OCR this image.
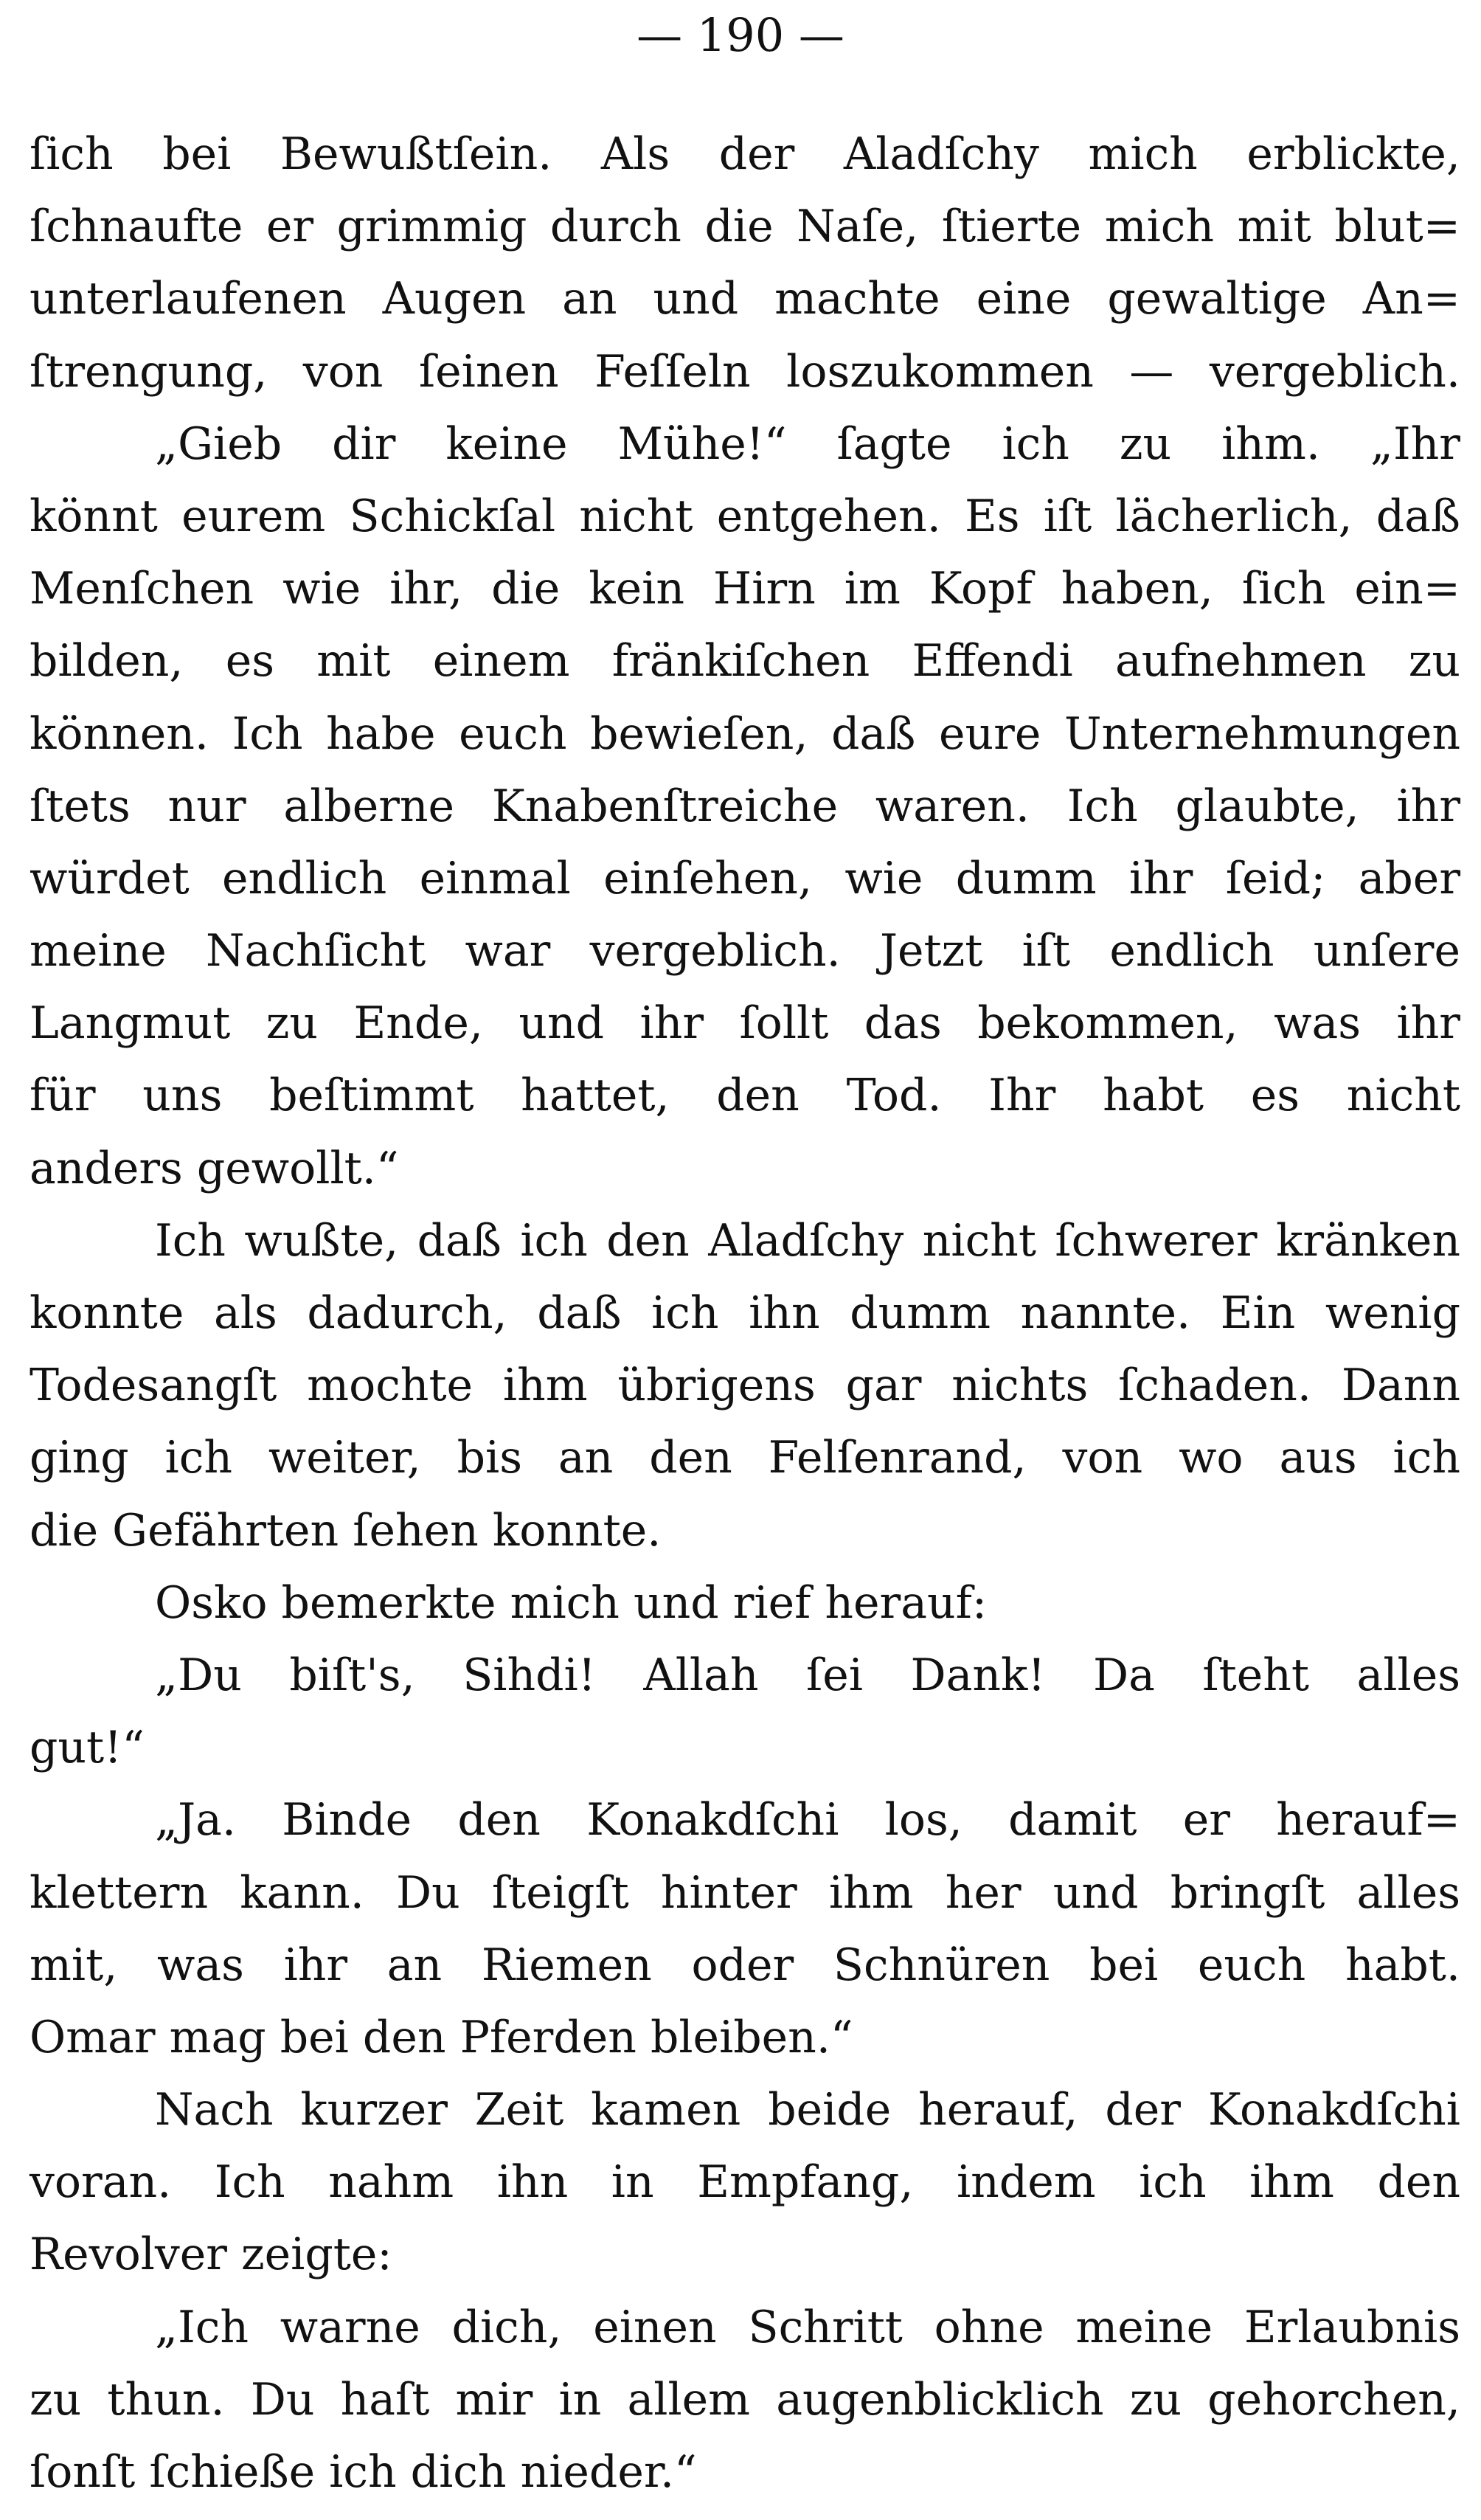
— 190 —
ſich bei Bewußtſein. Als der Aladſchy mich erblickte,
ſchnaufte er grimmig durch die Naſe, ſtierte mich mit blut=
unterlaufenen Augen an und machte eine gewaltige An=
ſtrengung, von ſeinen Feſſeln loszukommen — vergeblich.
„Gieb dir keine Mühe!“ ſagte ich zu ihm. „Ihr
könnt eurem Schickſal nicht entgehen. Es iſt lächerlich, daß
Menſchen wie ihr, die kein Hirn im Kopf haben, ſich ein=
bilden, es mit einem fränkiſchen Effendi aufnehmen zu
können. Ich habe euch bewieſen, daß eure Unternehmungen
ſtets nur alberne Knabenſtreiche waren. Ich glaubte, ihr
würdet endlich einmal einſehen, wie dumm ihr ſeid; aber
meine Nachſicht war vergeblich. Jetzt iſt endlich unſere
Langmut zu Ende, und ihr ſollt das bekommen, was ihr
für uns beſtimmt hattet, den Tod. Ihr habt es nicht
anders gewollt.“
Ich wußte, daß ich den Aladſchy nicht ſchwerer kränken
konnte als dadurch, daß ich ihn dumm nannte. Ein wenig
Todesangſt mochte ihm übrigens gar nichts ſchaden. Dann
ging ich weiter, bis an den Felſenrand, von wo aus ich
die Gefährten ſehen konnte.
Osko bemerkte mich und rief herauf:
„Du biſt's, Sihdi! Allah ſei Dank! Da ſteht alles
gut!“
„Ja. Binde den Konakdſchi los, damit er herauf=
klettern kann. Du ſteigſt hinter ihm her und bringſt alles
mit, was ihr an Riemen oder Schnüren bei euch habt.
Omar mag bei den Pferden bleiben.“
Nach kurzer Zeit kamen beide herauf, der Konakdſchi
voran. Ich nahm ihn in Empfang, indem ich ihm den
Revolver zeigte:
„Ich warne dich, einen Schritt ohne meine Erlaubnis
zu thun. Du haſt mir in allem augenblicklich zu gehorchen,
ſonſt ſchieße ich dich nieder.“
